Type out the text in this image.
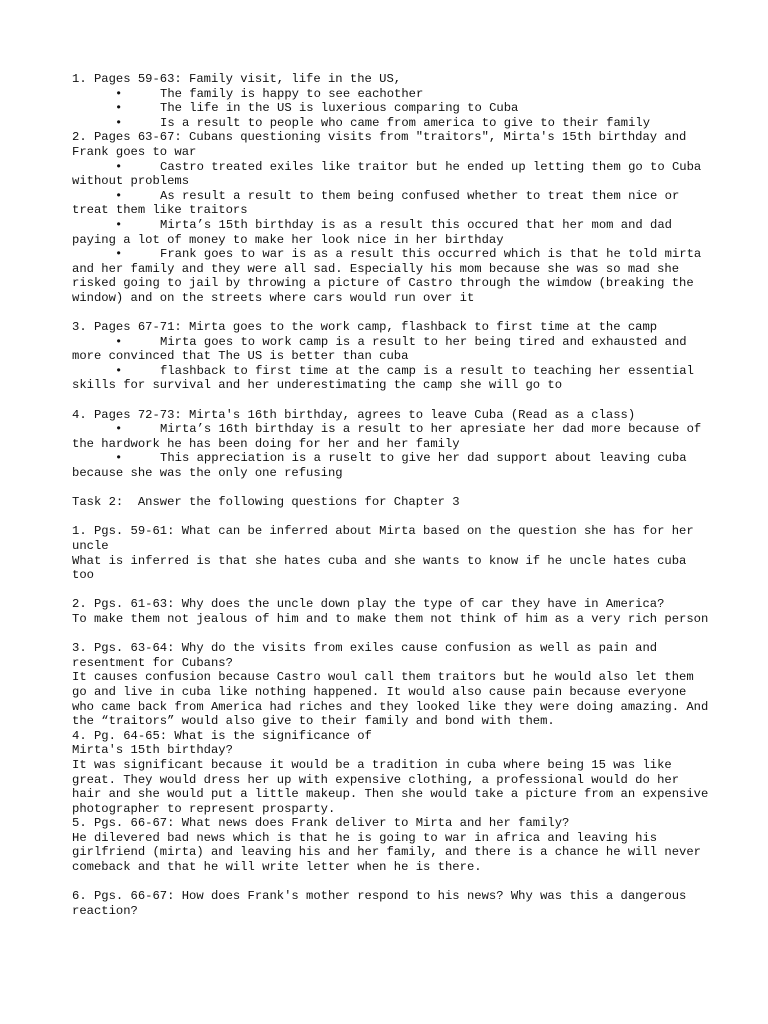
1. Pages 59-63: Family visit, life in the US,
•	The family is happy to see eachother
•	The life in the US is luxerious comparing to Cuba
•	Is a result to people who came from america to give to their family
2. Pages 63-67: Cubans questioning visits from "traitors", Mirta's 15th birthday and Frank goes to war
•	Castro treated exiles like traitor but he ended up letting them go to Cuba without problems
•	As result a result to them being confused whether to treat them nice or treat them like traitors
•	Mirta’s 15th birthday is as a result this occured that her mom and dad paying a lot of money to make her look nice in her birthday
•	Frank goes to war is as a result this occurred which is that he told mirta and her family and they were all sad. Especially his mom because she was so mad she risked going to jail by throwing a picture of Castro through the wimdow (breaking the window) and on the streets where cars would run over it
3. Pages 67-71: Mirta goes to the work camp, flashback to first time at the camp
•	Mirta goes to work camp is a result to her being tired and exhausted and more convinced that The US is better than cuba
•	flashback to first time at the camp is a result to teaching her essential skills for survival and her underestimating the camp she will go to
4. Pages 72-73: Mirta's 16th birthday, agrees to leave Cuba (Read as a class)
•	Mirta’s 16th birthday is a result to her apresiate her dad more because of the hardwork he has been doing for her and her family
•	This appreciation is a ruselt to give her dad support about leaving cuba because she was the only one refusing
Task 2:  Answer the following questions for Chapter 3
1. Pgs. 59-61: What can be inferred about Mirta based on the question she has for her uncle
What is inferred is that she hates cuba and she wants to know if he uncle hates cuba too
2. Pgs. 61-63: Why does the uncle down play the type of car they have in America?
To make them not jealous of him and to make them not think of him as a very rich person
3. Pgs. 63-64: Why do the visits from exiles cause confusion as well as pain and resentment for Cubans?
It causes confusion because Castro woul call them traitors but he would also let them go and live in cuba like nothing happened. It would also cause pain because everyone who came back from America had riches and they looked like they were doing amazing. And the “traitors” would also give to their family and bond with them.
4. Pg. 64-65: What is the significance of
Mirta's 15th birthday?
It was significant because it would be a tradition in cuba where being 15 was like great. They would dress her up with expensive clothing, a professional would do her hair and she would put a little makeup. Then she would take a picture from an expensive photographer to represent prosparty.
5. Pgs. 66-67: What news does Frank deliver to Mirta and her family?
He dilevered bad news which is that he is going to war in africa and leaving his girlfriend (mirta) and leaving his and her family, and there is a chance he will never comeback and that he will write letter when he is there.
6. Pgs. 66-67: How does Frank's mother respond to his news? Why was this a dangerous reaction?
